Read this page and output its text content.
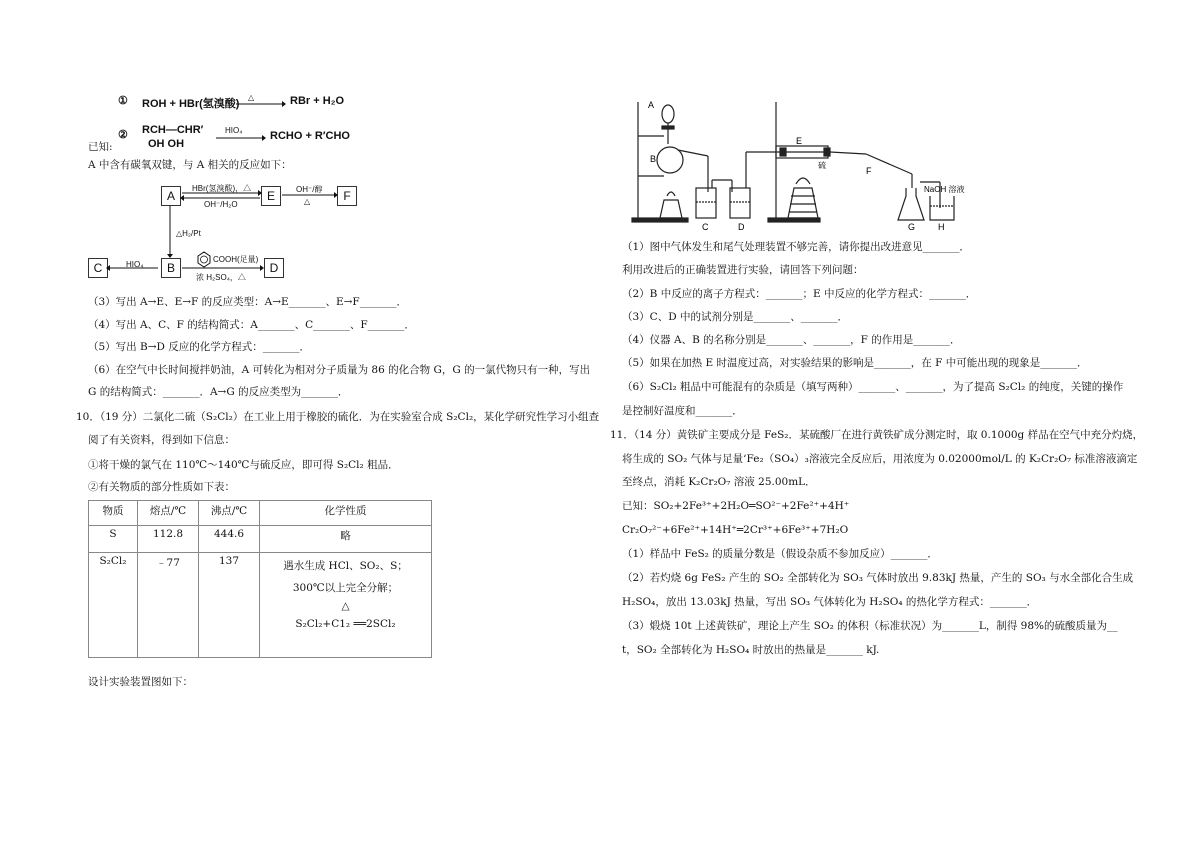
① ROH + HBr(氢溴酸)
△	RBr + H₂O
② RCH—CHR′
OH OH
HIO₄	RCHO + R′CHO
已知:
A 中含有碳氧双键，与 A 相关的反应如下：
A	E	F
B
C	D
HBr(氢溴酸)，△
OH⁻/H₂O
OH⁻/醇
△
△H₂/Pt
HIO₄
COOH(足量)
浓 H₂SO₄，△
（3）写出 A→E、E→F 的反应类型：A→E_______、E→F_______．
（4）写出 A、C、F 的结构简式：A_______、C_______、F_______．
（5）写出 B→D 反应的化学方程式：_______．
（6）在空气中长时间搅拌奶油，A 可转化为相对分子质量为 86 的化合物 G，G 的一氯代物只有一种，写出
G 的结构简式：_______．A→G 的反应类型为_______．
10．（19 分）二氯化二硫（S₂Cl₂）在工业上用于橡胶的硫化．为在实验室合成 S₂Cl₂，某化学研究性学习小组查
阅了有关资料，得到如下信息：
①将干燥的氯气在 110℃～140℃与硫反应，即可得 S₂Cl₂ 粗品．
②有关物质的部分性质如下表：
物质	熔点/℃	沸点/℃	化学性质
S	112.8	444.6	略
S₂Cl₂	﹣77	137	遇水生成 HCl、SO₂、S；
300℃以上完全分解；
△
S₂Cl₂+C1₂ ══2SCl₂
设计实验装置图如下：
A
B
C	D
E
F
G	H
硫
NaOH 溶液
（1）图中气体发生和尾气处理装置不够完善，请你提出改进意见_______．
利用改进后的正确装置进行实验，请回答下列问题：
（2）B 中反应的离子方程式：_______；E 中反应的化学方程式：_______．
（3）C、D 中的试剂分别是_______、_______．
（4）仪器 A、B 的名称分别是_______、_______，F 的作用是_______．
（5）如果在加热 E 时温度过高，对实验结果的影响是_______，在 F 中可能出现的现象是_______．
（6）S₂Cl₂ 粗品中可能混有的杂质是（填写两种）_______、_______，为了提高 S₂Cl₂ 的纯度，关键的操作
是控制好温度和_______．
11．（14 分）黄铁矿主要成分是 FeS₂．某硫酸厂在进行黄铁矿成分测定时，取 0.1000g 样品在空气中充分灼烧，
将生成的 SO₂ 气体与足量‘Fe₂（SO₄）₃溶液完全反应后，用浓度为 0.02000mol/L 的 K₂Cr₂O₇ 标准溶液滴定
至终点，消耗 K₂Cr₂O₇ 溶液 25.00mL．
已知：SO₂+2Fe³⁺+2H₂O═SO²⁻+2Fe²⁺+4H⁺
Cr₂O₇²⁻+6Fe²⁺+14H⁺═2Cr³⁺+6Fe³⁺+7H₂O
（1）样品中 FeS₂ 的质量分数是（假设杂质不参加反应）_______．
（2）若灼烧 6g FeS₂ 产生的 SO₂ 全部转化为 SO₃ 气体时放出 9.83kJ 热量，产生的 SO₃ 与水全部化合生成
H₂SO₄，放出 13.03kJ 热量，写出 SO₃ 气体转化为 H₂SO₄ 的热化学方程式：_______．
（3）煅烧 10t 上述黄铁矿，理论上产生 SO₂ 的体积（标准状况）为_______L，制得 98%的硫酸质量为__
t，SO₂ 全部转化为 H₂SO₄ 时放出的热量是_______ kJ.
